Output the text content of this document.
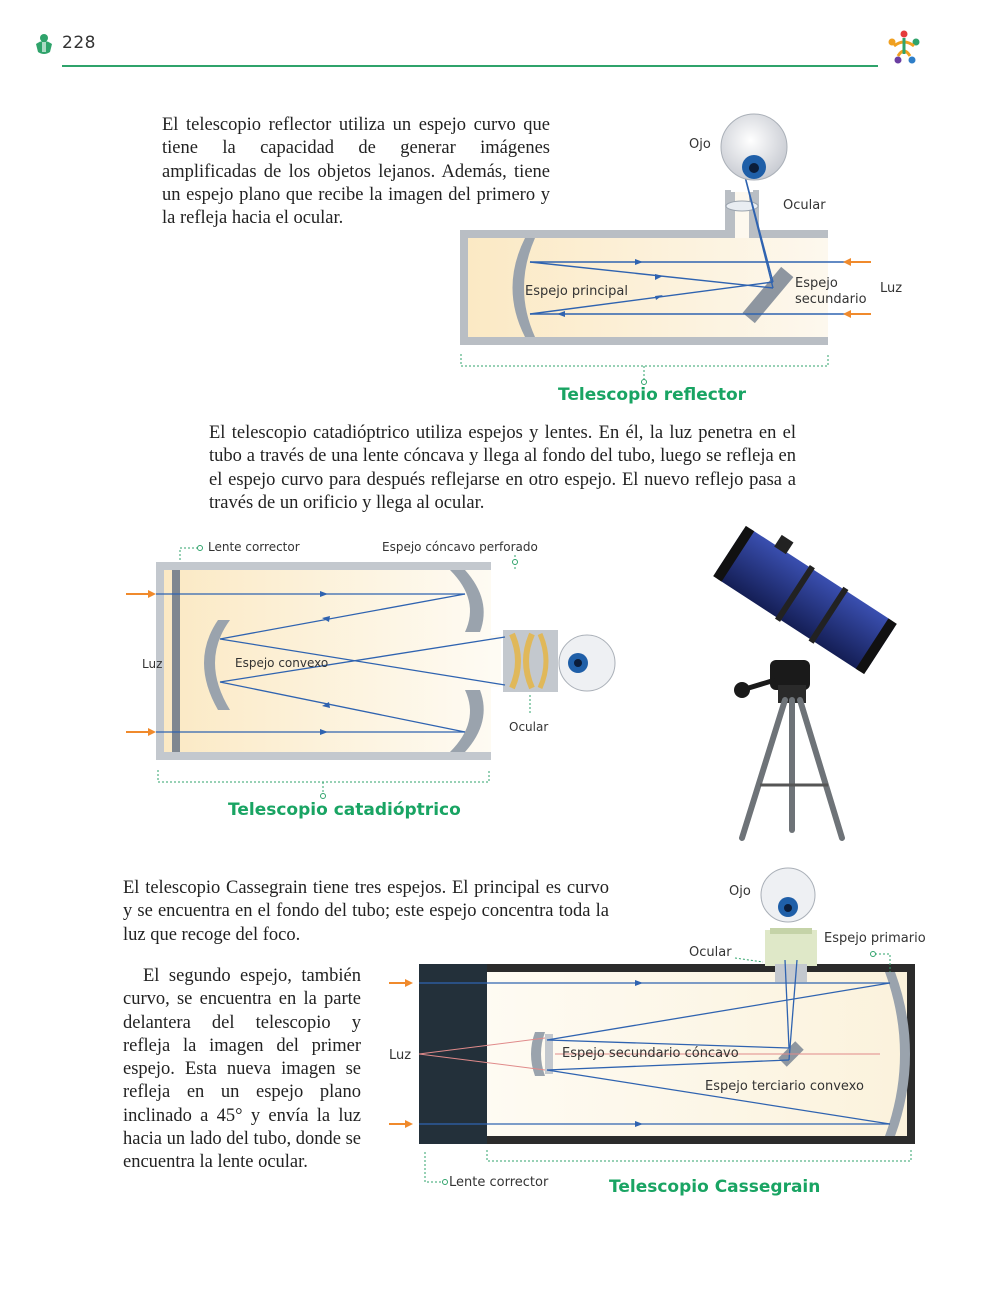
228

El telescopio reflector utiliza un espejo curvo que tiene la capacidad de generar imágenes amplificadas de los objetos lejanos. Además, tiene un espejo plano que recibe la imagen del primero y la refleja hacia el ocular.

Ojo
Ocular
Espejo principal
Espejo
secundario
Luz
Telescopio reflector

El telescopio catadióptrico utiliza espejos y lentes. En él, la luz penetra en el tubo a través de una lente cóncava y llega al fondo del tubo, luego se refleja en el espejo curvo para después reflejarse en otro espejo. El nuevo reflejo pasa a través de un orificio y llega al ocular.

Lente corrector	Espejo cóncavo perforado
Luz	Espejo convexo
Ocular
Telescopio catadióptrico

El telescopio Cassegrain tiene tres espejos. El principal es curvo y se encuentra en el fondo del tubo; este espejo concentra toda la luz que recoge del foco.

El segundo espejo, también curvo, se encuentra en la parte delantera del telescopio y refleja la imagen del primer espejo. Esta nueva imagen se refleja en un espejo plano inclinado a 45° y envía la luz hacia un lado del tubo, donde se encuentra la lente ocular.

Ojo
Espejo primario
Ocular
Luz	Espejo secundario cóncavo
Espejo terciario convexo
Lente corrector	Telescopio Cassegrain
